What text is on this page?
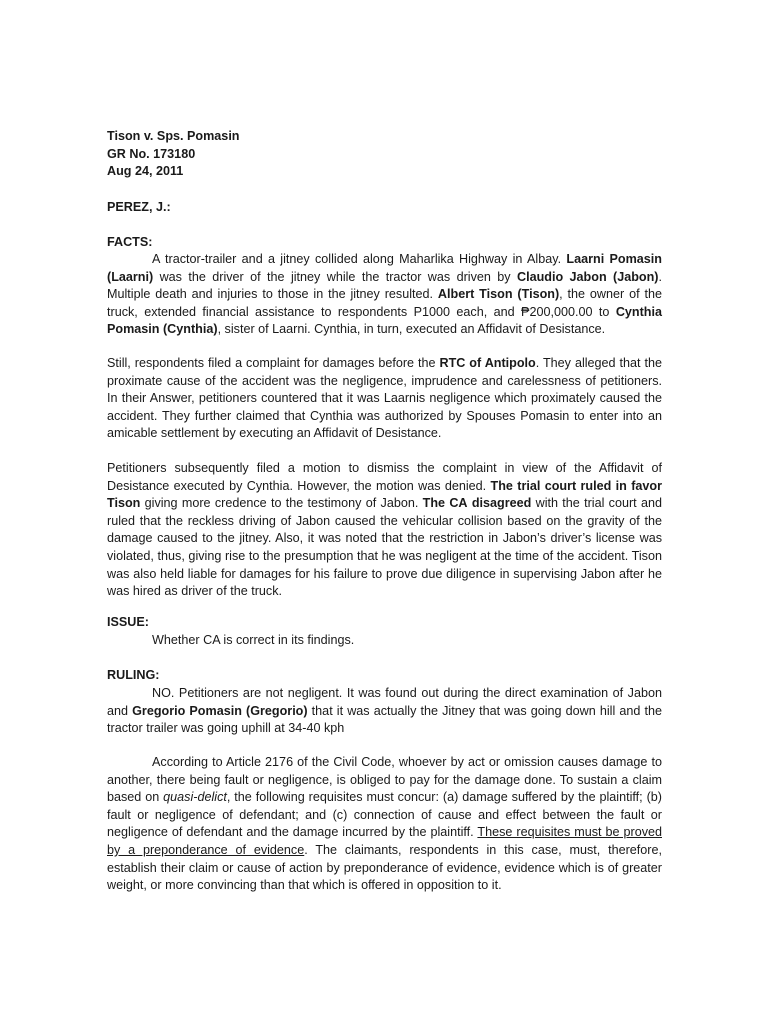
Tison v. Sps. Pomasin
GR No. 173180
Aug 24, 2011
PEREZ, J.:
FACTS:

A tractor-trailer and a jitney collided along Maharlika Highway in Albay. Laarni Pomasin (Laarni) was the driver of the jitney while the tractor was driven by Claudio Jabon (Jabon). Multiple death and injuries to those in the jitney resulted. Albert Tison (Tison), the owner of the truck, extended financial assistance to respondents P1000 each, and ₱200,000.00 to Cynthia Pomasin (Cynthia), sister of Laarni. Cynthia, in turn, executed an Affidavit of Desistance.

Still, respondents filed a complaint for damages before the RTC of Antipolo. They alleged that the proximate cause of the accident was the negligence, imprudence and carelessness of petitioners. In their Answer, petitioners countered that it was Laarnis negligence which proximately caused the accident. They further claimed that Cynthia was authorized by Spouses Pomasin to enter into an amicable settlement by executing an Affidavit of Desistance.

Petitioners subsequently filed a motion to dismiss the complaint in view of the Affidavit of Desistance executed by Cynthia. However, the motion was denied. The trial court ruled in favor Tison giving more credence to the testimony of Jabon. The CA disagreed with the trial court and ruled that the reckless driving of Jabon caused the vehicular collision based on the gravity of the damage caused to the jitney. Also, it was noted that the restriction in Jabon’s driver’s license was violated, thus, giving rise to the presumption that he was negligent at the time of the accident. Tison was also held liable for damages for his failure to prove due diligence in supervising Jabon after he was hired as driver of the truck.

ISSUE:
Whether CA is correct in its findings.
RULING:

NO. Petitioners are not negligent. It was found out during the direct examination of Jabon and Gregorio Pomasin (Gregorio) that it was actually the Jitney that was going down hill and the tractor trailer was going uphill at 34-40 kph

According to Article 2176 of the Civil Code, whoever by act or omission causes damage to another, there being fault or negligence, is obliged to pay for the damage done. To sustain a claim based on quasi-delict, the following requisites must concur: (a) damage suffered by the plaintiff; (b) fault or negligence of defendant; and (c) connection of cause and effect between the fault or negligence of defendant and the damage incurred by the plaintiff. These requisites must be proved by a preponderance of evidence. The claimants, respondents in this case, must, therefore, establish their claim or cause of action by preponderance of evidence, evidence which is of greater weight, or more convincing than that which is offered in opposition to it.
